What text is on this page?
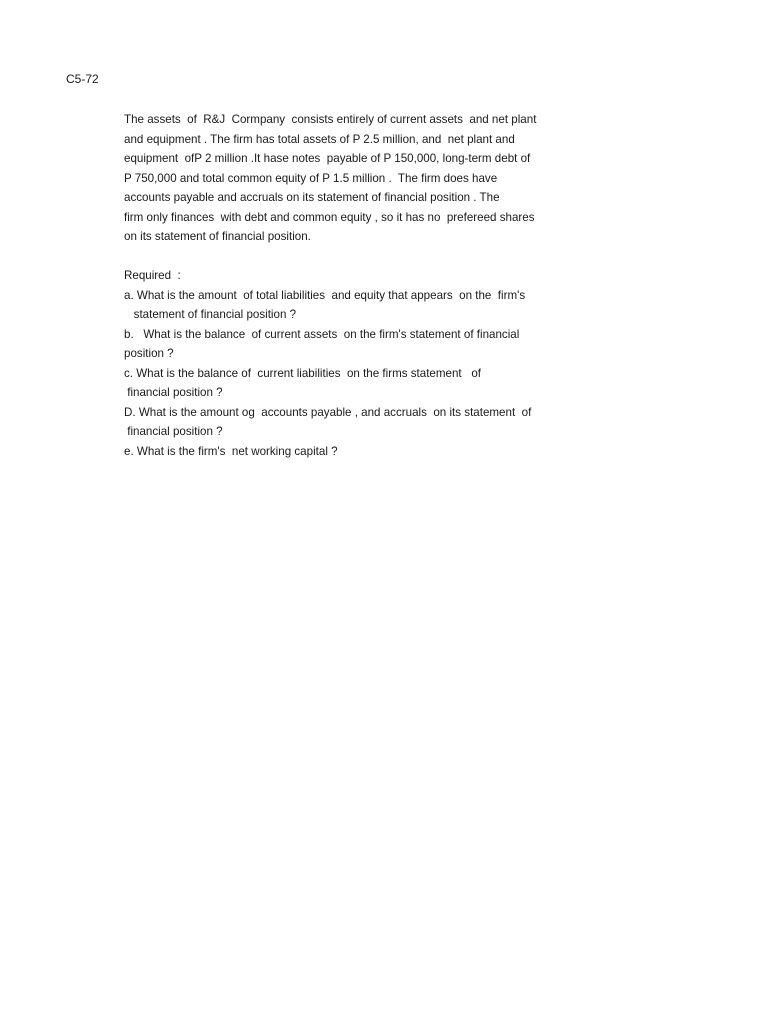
C5-72

The assets  of  R&J  Cormpany  consists entirely of current assets  and net plant
and equipment . The firm has total assets of P 2.5 million, and  net plant and
equipment  ofP 2 million .It hase notes  payable of P 150,000, long-term debt of
P 750,000 and total common equity of P 1.5 million .  The firm does have
accounts payable and accruals on its statement of financial position . The
firm only finances  with debt and common equity , so it has no  prefereed shares
on its statement of financial position.
Required  :
a. What is the amount  of total liabilities  and equity that appears  on the  firm's
statement of financial position ?
b.   What is the balance  of current assets  on the firm's statement of financial
position ?
c. What is the balance of  current liabilities  on the firms statement   of
financial position ?
D. What is the amount og  accounts payable , and accruals  on its statement  of
financial position ?
e. What is the firm's  net working capital ?
